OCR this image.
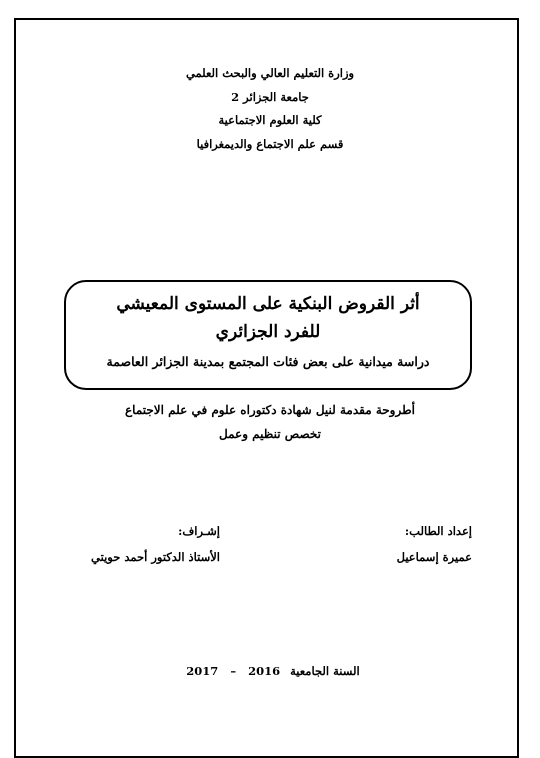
وزارة التعليم العالي والبحث العلمي
جامعة الجزائر 2
كلية العلوم الاجتماعية
قسم علم الاجتماع والديمغرافيا
أثر القروض البنكية على المستوى المعيشي
للفرد الجزائري
دراسة ميدانية على بعض فئات المجتمع بمدينة الجزائر العاصمة
أطروحة مقدمة لنيل شهادة دكتوراه علوم في علم الاجتماع
تخصص تنظيم وعمل
إعداد الطالب:
عميرة إسماعيل
إشـراف:
الأستاذ الدكتور أحمد حويتي
السنة الجامعية 2016 – 2017
